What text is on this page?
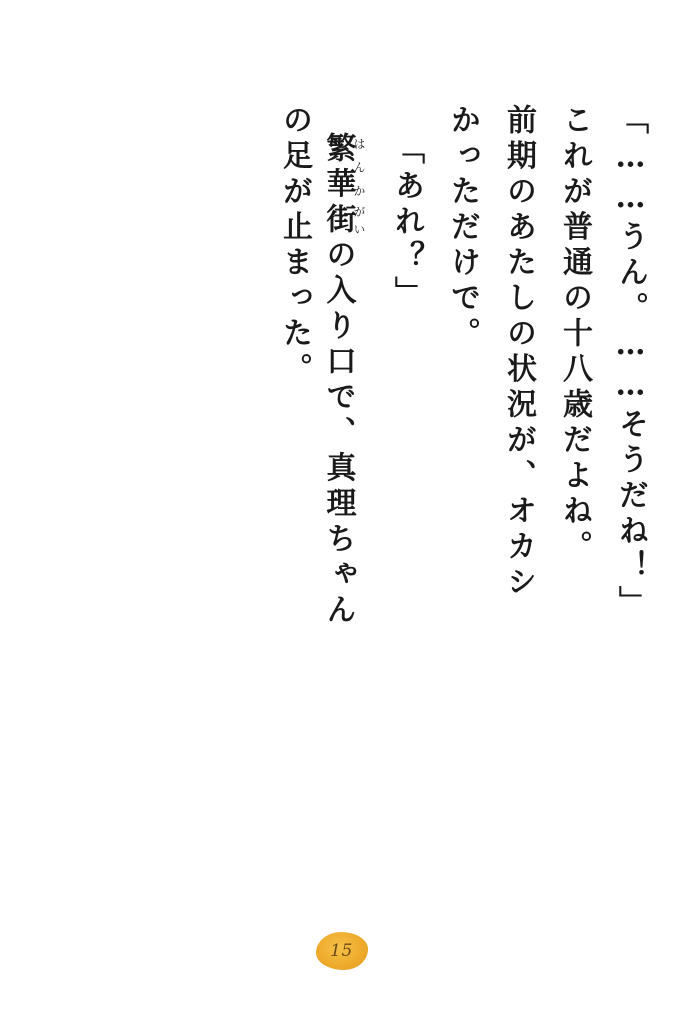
「……うん。……そうだね！」
これが普通の十八歳だよね。
前期のあたしの状況が、オカシ
かっただけで。
「あれ？」
繁華はんか街がいの入り口で、真理ちゃん
の足が止まった。
15
